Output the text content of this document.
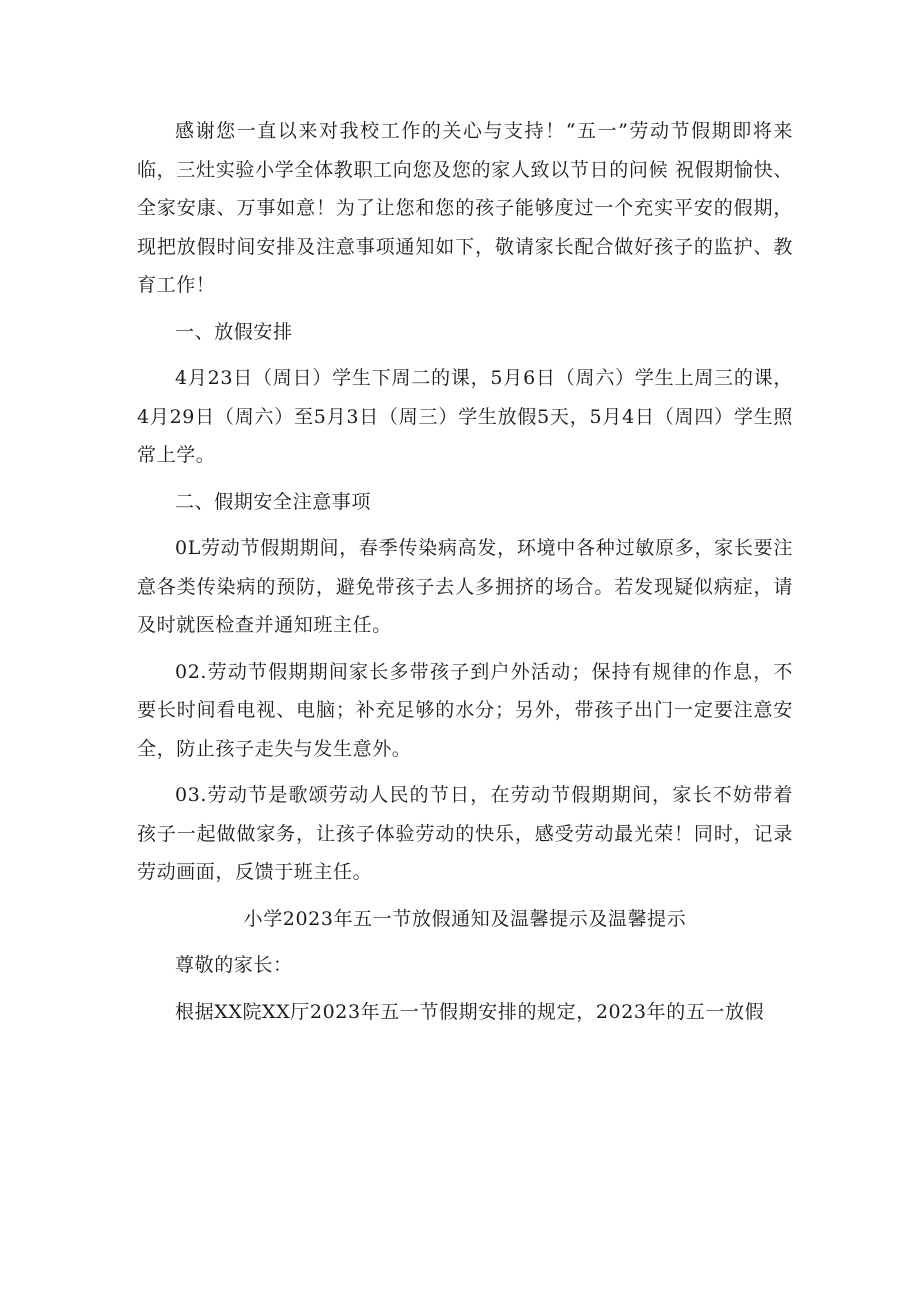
感谢您一直以来对我校工作的关心与支持！“五一”劳动节假期即将来临，三灶实验小学全体教职工向您及您的家人致以节日的问候 祝假期愉快、全家安康、万事如意！为了让您和您的孩子能够度过一个充实平安的假期，现把放假时间安排及注意事项通知如下，敬请家长配合做好孩子的监护、教育工作！

一、放假安排

4月23日（周日）学生下周二的课，5月6日（周六）学生上周三的课，4月29日（周六）至5月3日（周三）学生放假5天，5月4日（周四）学生照常上学。

二、假期安全注意事项

0L劳动节假期期间，春季传染病高发，环境中各种过敏原多，家长要注意各类传染病的预防，避免带孩子去人多拥挤的场合。若发现疑似病症，请及时就医检查并通知班主任。

02.劳动节假期期间家长多带孩子到户外活动；保持有规律的作息，不要长时间看电视、电脑；补充足够的水分；另外，带孩子出门一定要注意安全，防止孩子走失与发生意外。

03.劳动节是歌颂劳动人民的节日，在劳动节假期期间，家长不妨带着孩子一起做做家务，让孩子体验劳动的快乐，感受劳动最光荣！同时，记录劳动画面，反馈于班主任。

小学2023年五一节放假通知及温馨提示及温馨提示

尊敬的家长：

根据XX院XX厅2023年五一节假期安排的规定，2023年的五一放假
